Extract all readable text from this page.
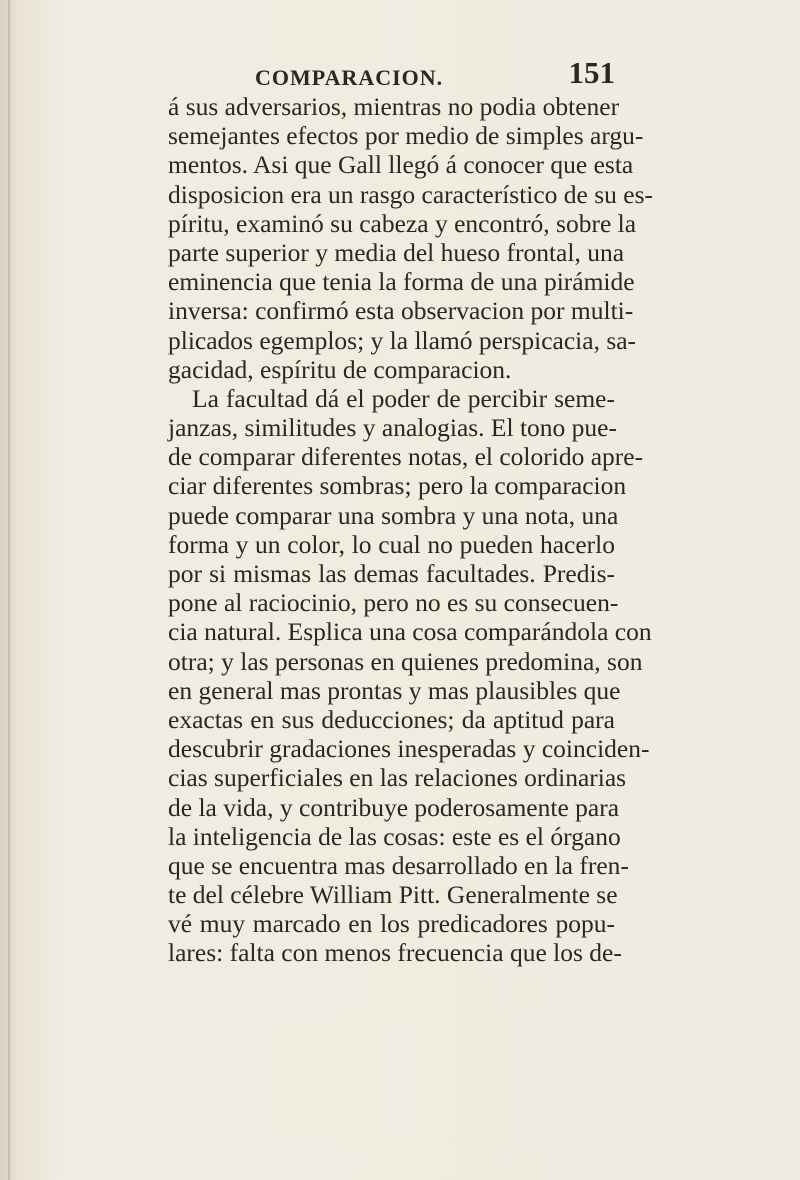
COMPARACION.	151
á sus adversarios, mientras no podia obtener
semejantes efectos por medio de simples argu-
mentos. Asi que Gall llegó á conocer que esta
disposicion era un rasgo característico de su es-
píritu, examinó su cabeza y encontró, sobre la
parte superior y media del hueso frontal, una
eminencia que tenia la forma de una pirámide
inversa: confirmó esta observacion por multi-
plicados egemplos; y la llamó perspicacia, sa-
gacidad, espíritu de comparacion.
La facultad dá el poder de percibir seme-
janzas, similitudes y analogias. El tono pue-
de comparar diferentes notas, el colorido apre-
ciar diferentes sombras; pero la comparacion
puede comparar una sombra y una nota, una
forma y un color, lo cual no pueden hacerlo
por si mismas las demas facultades. Predis-
pone al raciocinio, pero no es su consecuen-
cia natural. Esplica una cosa comparándola con
otra; y las personas en quienes predomina, son
en general mas prontas y mas plausibles que
exactas en sus deducciones; da aptitud para
descubrir gradaciones inesperadas y coinciden-
cias superficiales en las relaciones ordinarias
de la vida, y contribuye poderosamente para
la inteligencia de las cosas: este es el órgano
que se encuentra mas desarrollado en la fren-
te del célebre William Pitt. Generalmente se
vé muy marcado en los predicadores popu-
lares: falta con menos frecuencia que los de-
